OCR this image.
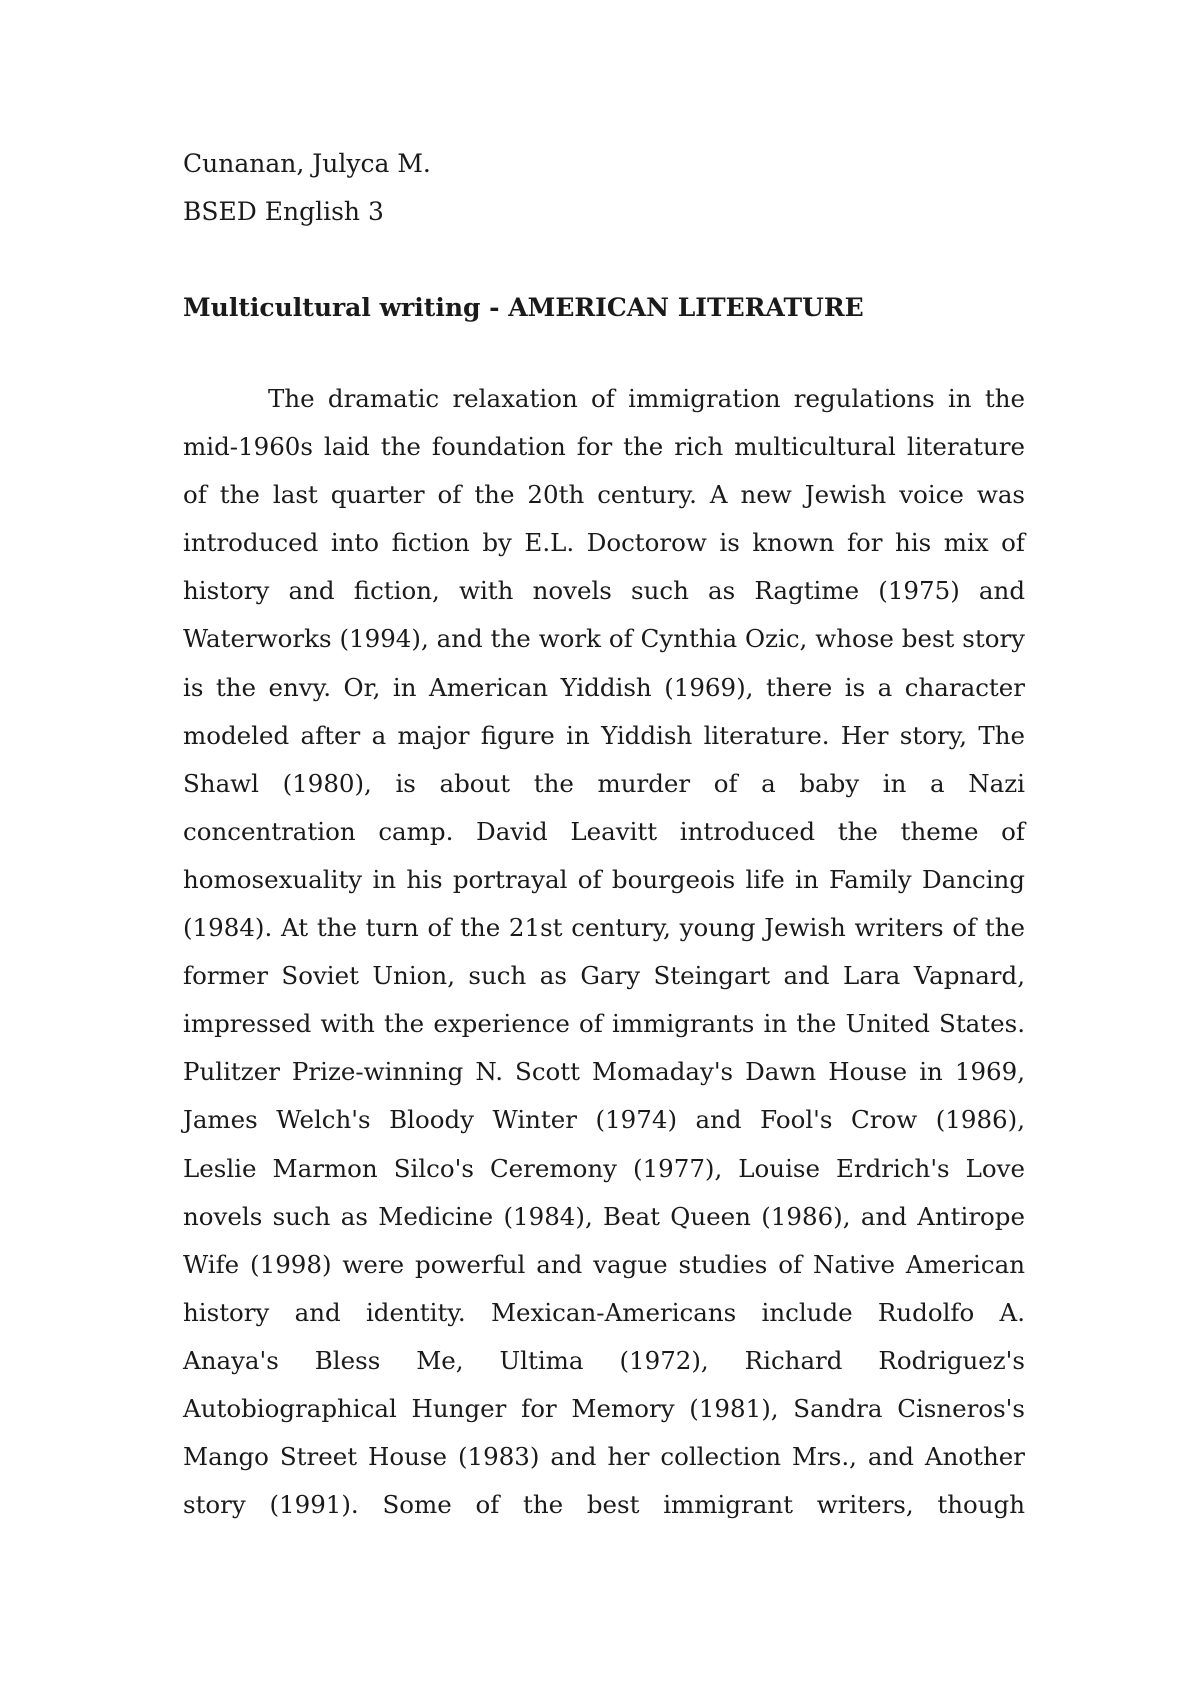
Cunanan, Julyca M.
BSED English 3
Multicultural writing - AMERICAN LITERATURE
The dramatic relaxation of immigration regulations in the
mid-1960s laid the foundation for the rich multicultural literature
of the last quarter of the 20th century. A new Jewish voice was
introduced into fiction by E.L. Doctorow is known for his mix of
history and fiction, with novels such as Ragtime (1975) and
Waterworks (1994), and the work of Cynthia Ozic, whose best story
is the envy. Or, in American Yiddish (1969), there is a character
modeled after a major figure in Yiddish literature. Her story, The
Shawl (1980), is about the murder of a baby in a Nazi
concentration camp. David Leavitt introduced the theme of
homosexuality in his portrayal of bourgeois life in Family Dancing
(1984). At the turn of the 21st century, young Jewish writers of the
former Soviet Union, such as Gary Steingart and Lara Vapnard,
impressed with the experience of immigrants in the United States.
Pulitzer Prize-winning N. Scott Momaday's Dawn House in 1969,
James Welch's Bloody Winter (1974) and Fool's Crow (1986),
Leslie Marmon Silco's Ceremony (1977), Louise Erdrich's Love
novels such as Medicine (1984), Beat Queen (1986), and Antirope
Wife (1998) were powerful and vague studies of Native American
history and identity. Mexican-Americans include Rudolfo A.
Anaya's Bless Me, Ultima (1972), Richard Rodriguez's
Autobiographical Hunger for Memory (1981), Sandra Cisneros's
Mango Street House (1983) and her collection Mrs., and Another
story (1991). Some of the best immigrant writers, though
